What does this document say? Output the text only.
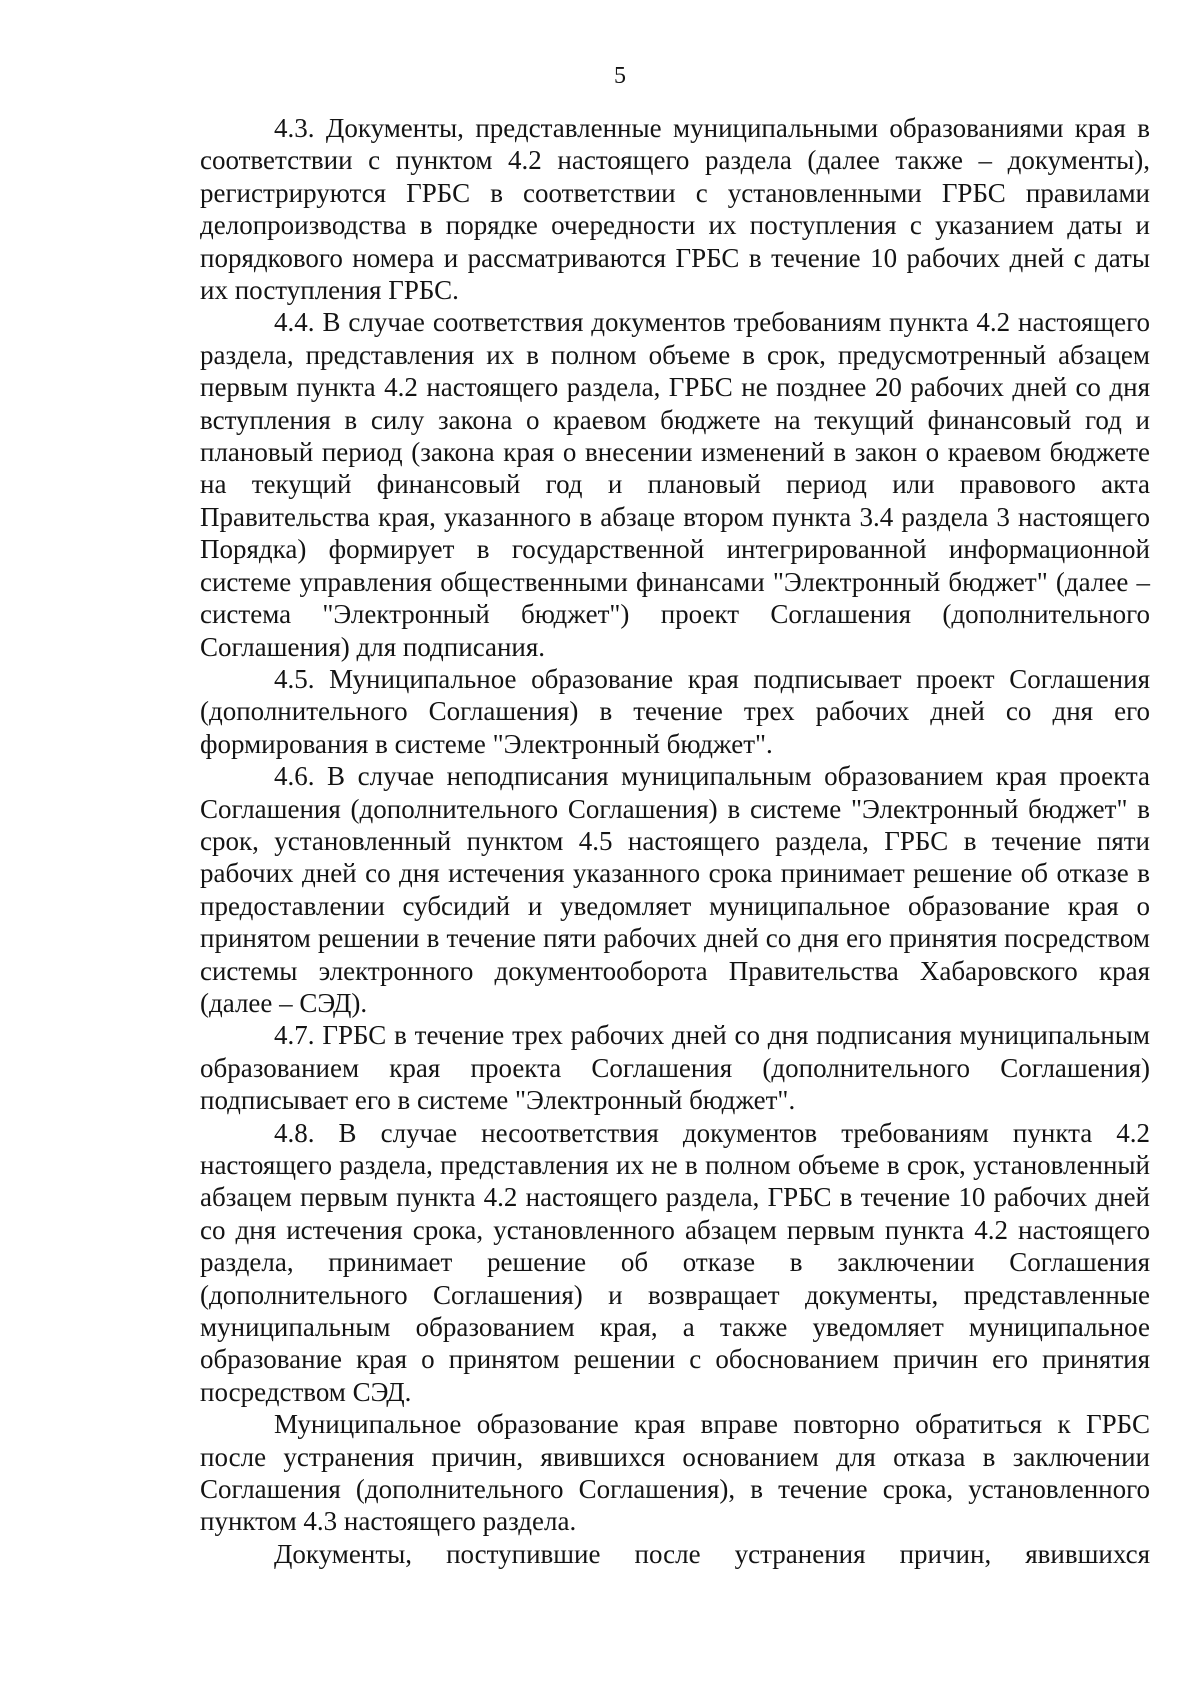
5

4.3. Документы, представленные муниципальными образованиями края в соответствии с пунктом 4.2 настоящего раздела (далее также – документы), регистрируются ГРБС в соответствии с установленными ГРБС правилами делопроизводства в порядке очередности их поступления с указанием даты и порядкового номера и рассматриваются ГРБС в течение 10 рабочих дней с даты их поступления ГРБС.

4.4. В случае соответствия документов требованиям пункта 4.2 настоящего раздела, представления их в полном объеме в срок, предусмотренный абзацем первым пункта 4.2 настоящего раздела, ГРБС не позднее 20 рабочих дней со дня вступления в силу закона о краевом бюджете на текущий финансовый год и плановый период (закона края о внесении изменений в закон о краевом бюджете на текущий финансовый год и плановый период или правового акта Правительства края, указанного в абзаце втором пункта 3.4 раздела 3 настоящего Порядка) формирует в государственной интегрированной информационной системе управления общественными финансами "Электронный бюджет" (далее – система "Электронный бюджет") проект Соглашения (дополнительного Соглашения) для подписания.

4.5. Муниципальное образование края подписывает проект Соглашения (дополнительного Соглашения) в течение трех рабочих дней со дня его формирования в системе "Электронный бюджет".

4.6. В случае неподписания муниципальным образованием края проекта Соглашения (дополнительного Соглашения) в системе "Электронный бюджет" в срок, установленный пунктом 4.5 настоящего раздела, ГРБС в течение пяти рабочих дней со дня истечения указанного срока принимает решение об отказе в предоставлении субсидий и уведомляет муниципальное образование края о принятом решении в течение пяти рабочих дней со дня его принятия посредством системы электронного документооборота Правительства Хабаровского края (далее – СЭД).

4.7. ГРБС в течение трех рабочих дней со дня подписания муниципальным образованием края проекта Соглашения (дополнительного Соглашения) подписывает его в системе "Электронный бюджет".

4.8. В случае несоответствия документов требованиям пункта 4.2 настоящего раздела, представления их не в полном объеме в срок, установленный абзацем первым пункта 4.2 настоящего раздела, ГРБС в течение 10 рабочих дней со дня истечения срока, установленного абзацем первым пункта 4.2 настоящего раздела, принимает решение об отказе в заключении Соглашения (дополнительного Соглашения) и возвращает документы, представленные муниципальным образованием края, а также уведомляет муниципальное образование края о принятом решении с обоснованием причин его принятия посредством СЭД.

Муниципальное образование края вправе повторно обратиться к ГРБС после устранения причин, явившихся основанием для отказа в заключении Соглашения (дополнительного Соглашения), в течение срока, установленного пунктом 4.3 настоящего раздела.

Документы, поступившие после устранения причин, явившихся
